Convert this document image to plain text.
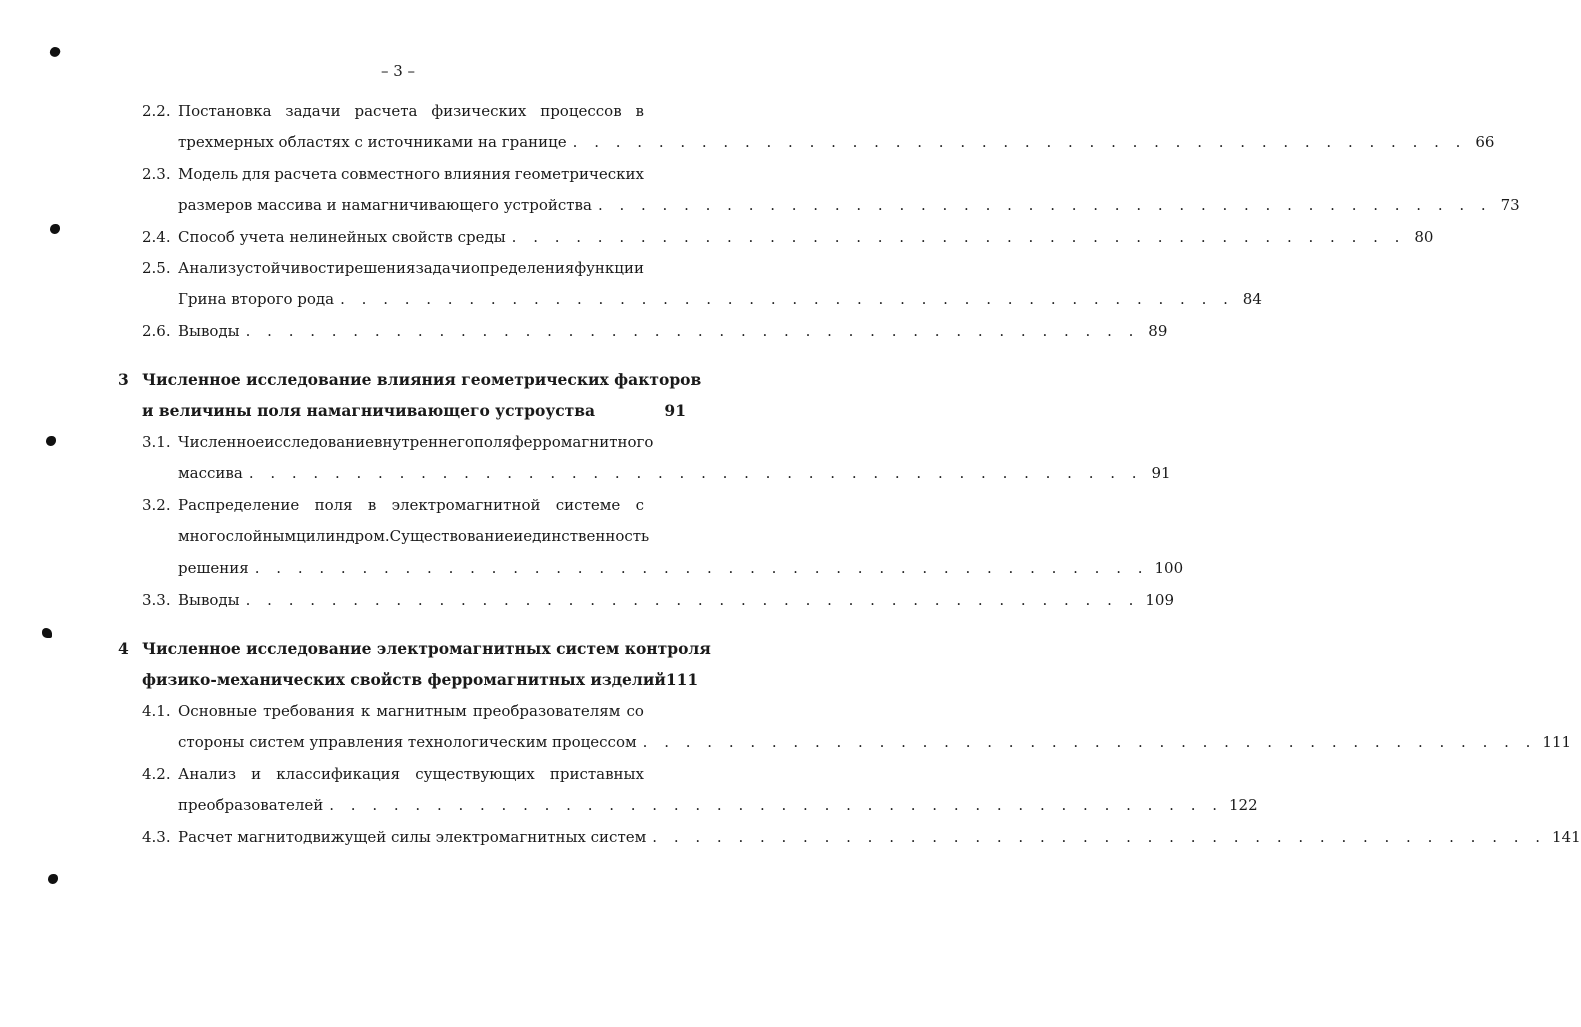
– 3 –
2.2. Постановка задачи расчета физических процессов в
трехмерных областях с источниками на границе . . . . . . . . . . . . . . . . . . . . . . . . . . . . . . . . . . . . . . . . . . 66
2.3. Модель для расчета совместного влияния геометрических
размеров массива и намагничивающего устройства . . . . . . . . . . . . . . . . . . . . . . . . . . . . . . . . . . . . . . . . . . 73
2.4. Способ учета нелинейных свойств среды . . . . . . . . . . . . . . . . . . . . . . . . . . . . . . . . . . . . . . . . . . 80
2.5. Анализ устойчивости решения задачи определения функции
Грина второго рода . . . . . . . . . . . . . . . . . . . . . . . . . . . . . . . . . . . . . . . . . . 84
2.6. Выводы . . . . . . . . . . . . . . . . . . . . . . . . . . . . . . . . . . . . . . . . . . 89
3 Численное исследование влияния геометрических факторов
и величины поля намагничивающего устроуства	91
3.1. Численное исследование внутреннего поля ферромагнитного
массива . . . . . . . . . . . . . . . . . . . . . . . . . . . . . . . . . . . . . . . . . . 91
3.2. Распределение поля в электромагнитной системе с
многослойным цилиндром. Существование и единственность
решения . . . . . . . . . . . . . . . . . . . . . . . . . . . . . . . . . . . . . . . . . . 100
3.3. Выводы . . . . . . . . . . . . . . . . . . . . . . . . . . . . . . . . . . . . . . . . . . 109
4 Численное исследование электромагнитных систем контроля
физико-механических свойств ферромагнитных изделий 111
4.1. Основные требования к магнитным преобразователям со
стороны систем управления технологическим процессом . . . . . . . . . . . . . . . . . . . . . . . . . . . . . . . . . . . . . . . . . . 111
4.2. Анализ и классификация существующих приставных
преобразователей . . . . . . . . . . . . . . . . . . . . . . . . . . . . . . . . . . . . . . . . . . 122
4.3. Расчет магнитодвижущей силы электромагнитных систем . . . . . . . . . . . . . . . . . . . . . . . . . . . . . . . . . . . . . . . . . . 141
